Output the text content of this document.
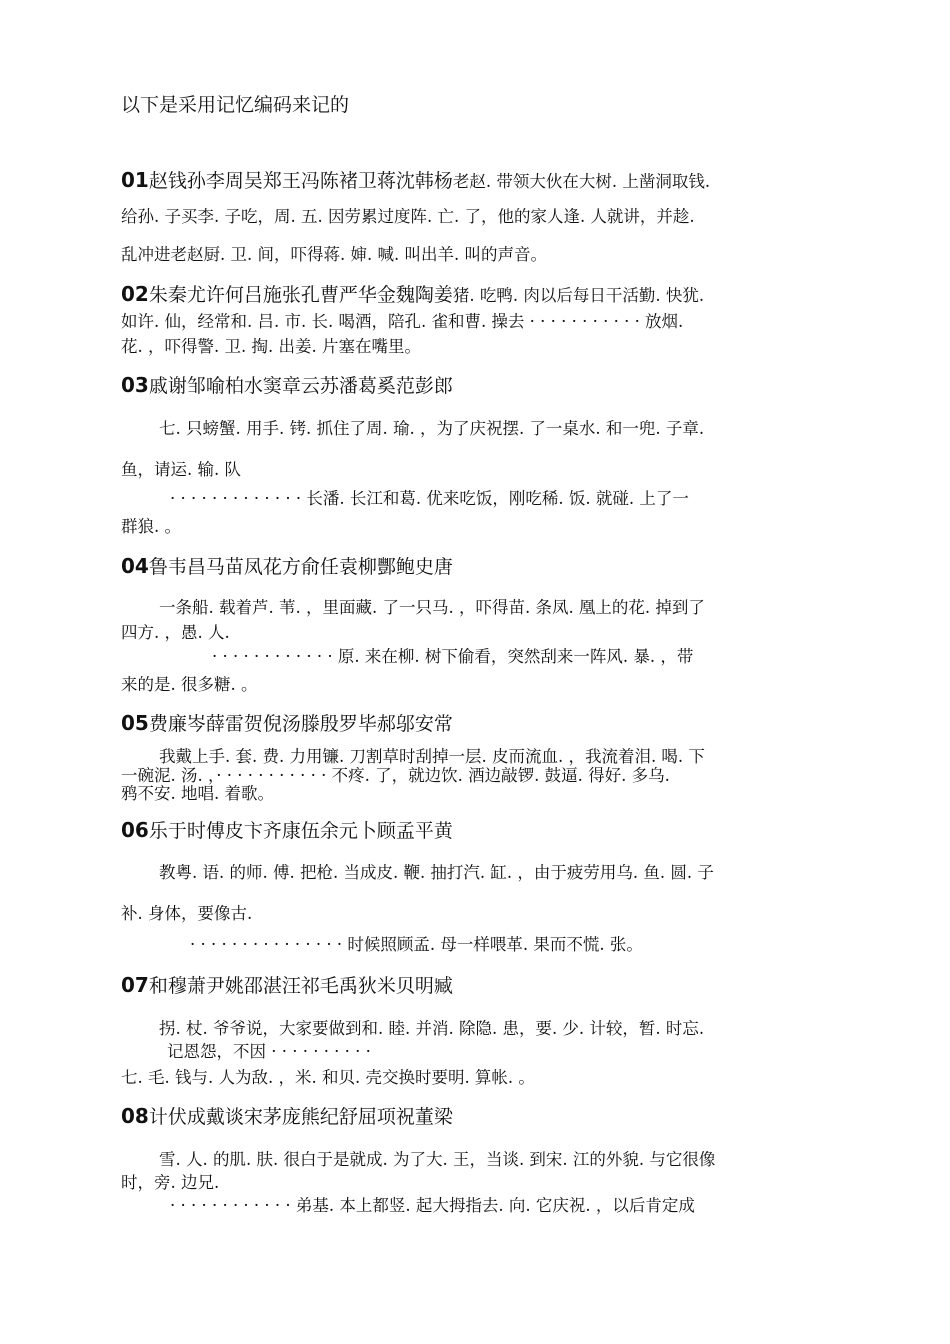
以下是采用记忆编码来记的
01赵钱孙李周吴郑王冯陈褚卫蒋沈韩杨老赵. 带领大伙在大树. 上凿洞取钱.
给孙. 子买李. 子吃，周. 五. 因劳累过度阵. 亡. 了，他的家人逢. 人就讲，并趁.
乱冲进老赵厨. 卫. 间，吓得蒋. 婶. 喊. 叫出羊. 叫的声音。
02朱秦尤许何吕施张孔曹严华金魏陶姜猪. 吃鸭. 肉以后每日干活勤. 快犹.
如许. 仙，经常和. 吕. 市. 长. 喝酒，陪孔. 雀和曹. 操去 · · · · · · · · · · · 放烟.
花. ，吓得警. 卫. 掏. 出姜. 片塞在嘴里。
03戚谢邹喻柏水窦章云苏潘葛奚范彭郎
七. 只螃蟹. 用手. 铐. 抓住了周. 瑜. ，为了庆祝摆. 了一桌水. 和一兜. 子章.
鱼，请运. 输. 队
· · · · · · · · · · · · · 长潘. 长江和葛. 优来吃饭，刚吃稀. 饭. 就碰. 上了一
群狼. 。
04鲁韦昌马苗凤花方俞任袁柳酆鲍史唐
一条船. 载着芦. 苇. ，里面藏. 了一只马. ，吓得苗. 条凤. 凰上的花. 掉到了
四方. ，愚. 人.
· · · · · · · · · · · · 原. 来在柳. 树下偷看，突然刮来一阵风. 暴. ，带
来的是. 很多糖. 。
05费廉岑薛雷贺倪汤滕殷罗毕郝邬安常
我戴上手. 套. 费. 力用镰. 刀割草时刮掉一层. 皮而流血. ，我流着泪. 喝. 下
一碗泥. 汤. ，· · · · · · · · · · · 不疼. 了，就边饮. 酒边敲锣. 鼓逼. 得好. 多乌.
鸦不安. 地唱. 着歌。
06乐于时傅皮卞齐康伍余元卜顾孟平黄
教粤. 语. 的师. 傅. 把枪. 当成皮. 鞭. 抽打汽. 缸. ，由于疲劳用乌. 鱼. 圆. 子
补. 身体，要像古.
· · · · · · · · · · · · · · · 时候照顾孟. 母一样喂革. 果而不慌. 张。
07和穆萧尹姚邵湛汪祁毛禹狄米贝明臧
拐. 杖. 爷爷说，大家要做到和. 睦. 并消. 除隐. 患，要. 少. 计较，暂. 时忘.
记恩怨，不因 · · · · · · · · · ·
七. 毛. 钱与. 人为敌. ，米. 和贝. 壳交换时要明. 算帐. 。
08计伏成戴谈宋茅庞熊纪舒屈项祝董梁
雪. 人. 的肌. 肤. 很白于是就成. 为了大. 王，当谈. 到宋. 江的外貌. 与它很像
时，旁. 边兄.
· · · · · · · · · · · · 弟基. 本上都竖. 起大拇指去. 向. 它庆祝. ，以后肯定成
